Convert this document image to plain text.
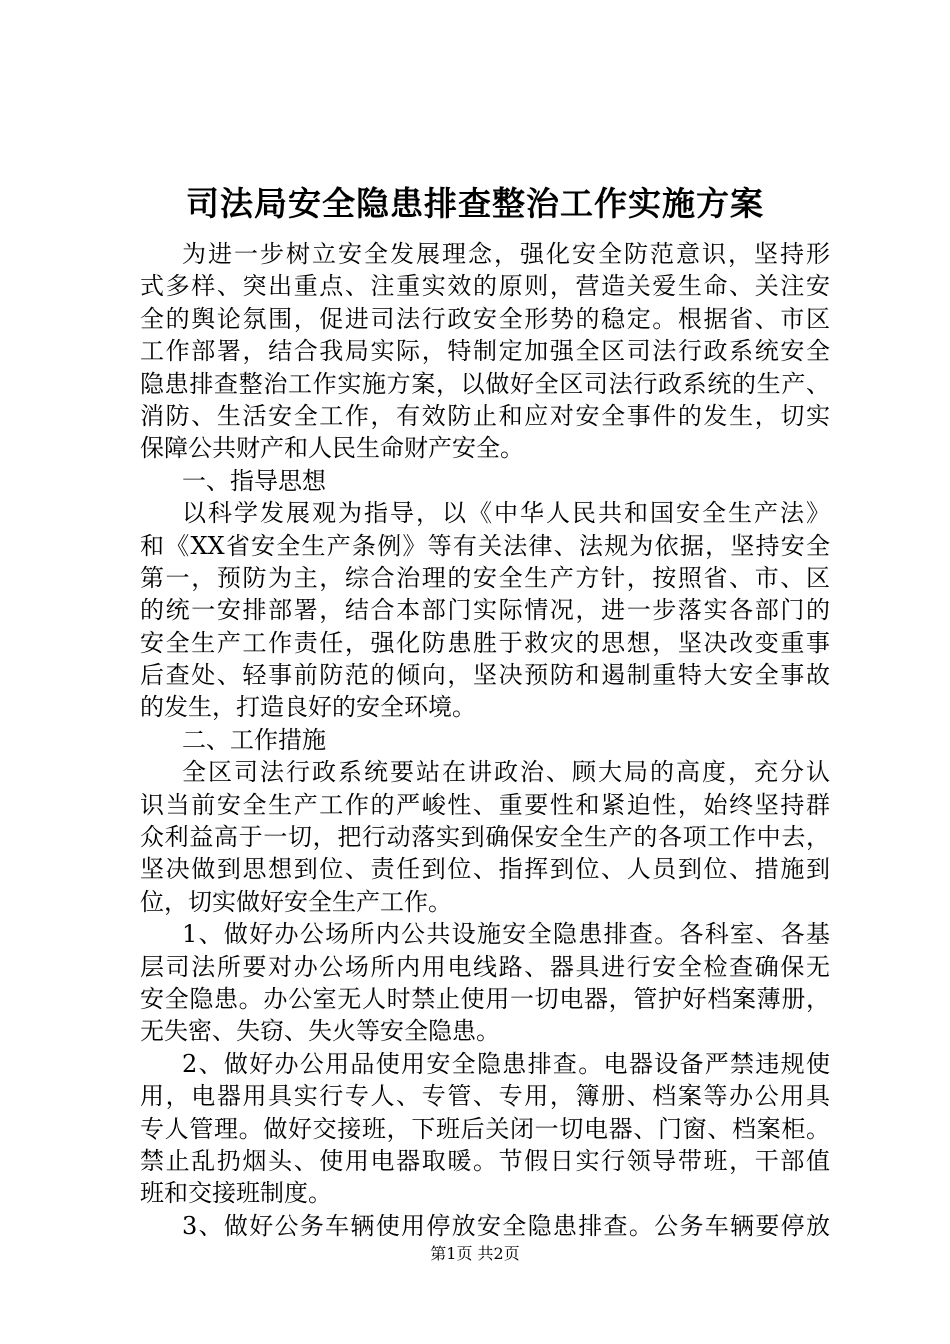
司法局安全隐患排查整治工作实施方案
为进一步树立安全发展理念，强化安全防范意识，坚持形
式多样、突出重点、注重实效的原则，营造关爱生命、关注安
全的舆论氛围，促进司法行政安全形势的稳定。根据省、市区
工作部署，结合我局实际，特制定加强全区司法行政系统安全
隐患排查整治工作实施方案，以做好全区司法行政系统的生产、
消防、生活安全工作，有效防止和应对安全事件的发生，切实
保障公共财产和人民生命财产安全。
一、指导思想
以科学发展观为指导，以《中华人民共和国安全生产法》
和《XX省安全生产条例》等有关法律、法规为依据，坚持安全
第一，预防为主，综合治理的安全生产方针，按照省、市、区
的统一安排部署，结合本部门实际情况，进一步落实各部门的
安全生产工作责任，强化防患胜于救灾的思想，坚决改变重事
后查处、轻事前防范的倾向，坚决预防和遏制重特大安全事故
的发生，打造良好的安全环境。
二、工作措施
全区司法行政系统要站在讲政治、顾大局的高度，充分认
识当前安全生产工作的严峻性、重要性和紧迫性，始终坚持群
众利益高于一切，把行动落实到确保安全生产的各项工作中去，
坚决做到思想到位、责任到位、指挥到位、人员到位、措施到
位，切实做好安全生产工作。
1、做好办公场所内公共设施安全隐患排查。各科室、各基
层司法所要对办公场所内用电线路、器具进行安全检查确保无
安全隐患。办公室无人时禁止使用一切电器，管护好档案薄册，
无失密、失窃、失火等安全隐患。
2、做好办公用品使用安全隐患排查。电器设备严禁违规使
用，电器用具实行专人、专管、专用，簿册、档案等办公用具
专人管理。做好交接班，下班后关闭一切电器、门窗、档案柜。
禁止乱扔烟头、使用电器取暖。节假日实行领导带班，干部值
班和交接班制度。
3、做好公务车辆使用停放安全隐患排查。公务车辆要停放
第1页 共2页
